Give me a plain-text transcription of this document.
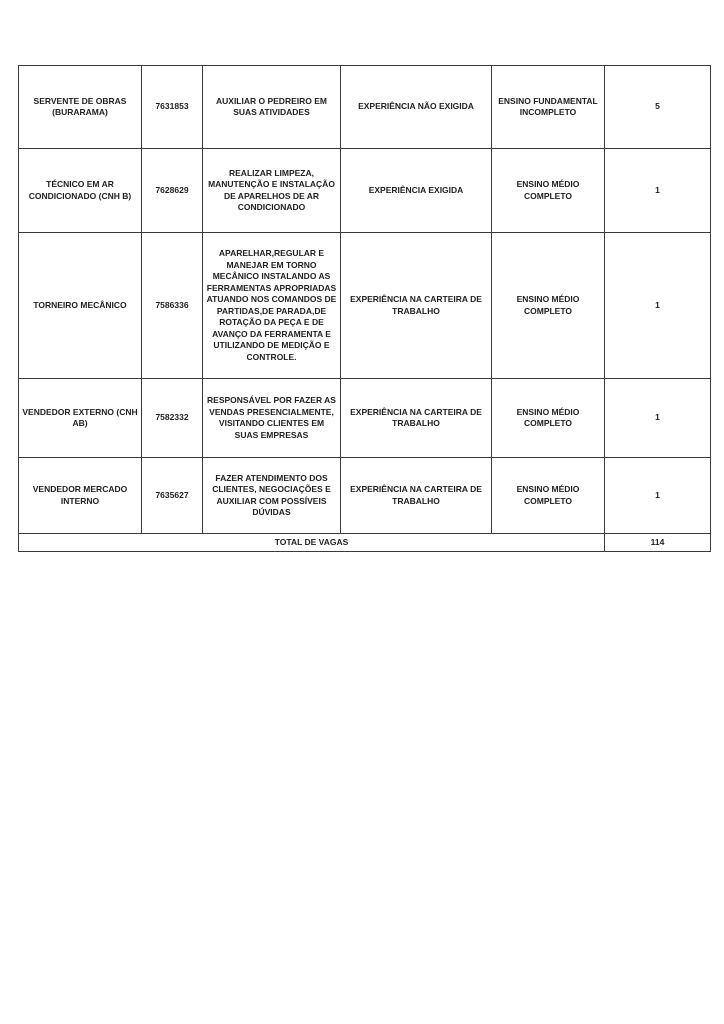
SERVENTE DE OBRAS (BURARAMA)	7631853	AUXILIAR O PEDREIRO EM SUAS ATIVIDADES	EXPERIÊNCIA NÃO EXIGIDA	ENSINO FUNDAMENTAL INCOMPLETO	5
TÉCNICO EM AR CONDICIONADO (CNH B)	7628629	REALIZAR LIMPEZA, MANUTENÇÃO E INSTALAÇÃO DE APARELHOS DE AR CONDICIONADO	EXPERIÊNCIA EXIGIDA	ENSINO MÉDIO COMPLETO	1
TORNEIRO MECÂNICO	7586336	APARELHAR,REGULAR E MANEJAR EM TORNO MECÂNICO INSTALANDO AS FERRAMENTAS APROPRIADAS ATUANDO NOS COMANDOS DE PARTIDAS,DE PARADA,DE ROTAÇÃO DA PEÇA E DE AVANÇO DA FERRAMENTA E UTILIZANDO DE MEDIÇÃO E CONTROLE.	EXPERIÊNCIA NA CARTEIRA DE TRABALHO	ENSINO MÉDIO COMPLETO	1
VENDEDOR EXTERNO (CNH AB)	7582332	RESPONSÁVEL POR FAZER AS VENDAS PRESENCIALMENTE, VISITANDO CLIENTES EM SUAS EMPRESAS	EXPERIÊNCIA NA CARTEIRA DE TRABALHO	ENSINO MÉDIO COMPLETO	1
VENDEDOR MERCADO INTERNO	7635627	FAZER ATENDIMENTO DOS CLIENTES, NEGOCIAÇÕES E AUXILIAR COM POSSÍVEIS DÚVIDAS	EXPERIÊNCIA NA CARTEIRA DE TRABALHO	ENSINO MÉDIO COMPLETO	1
TOTAL DE VAGAS					114
